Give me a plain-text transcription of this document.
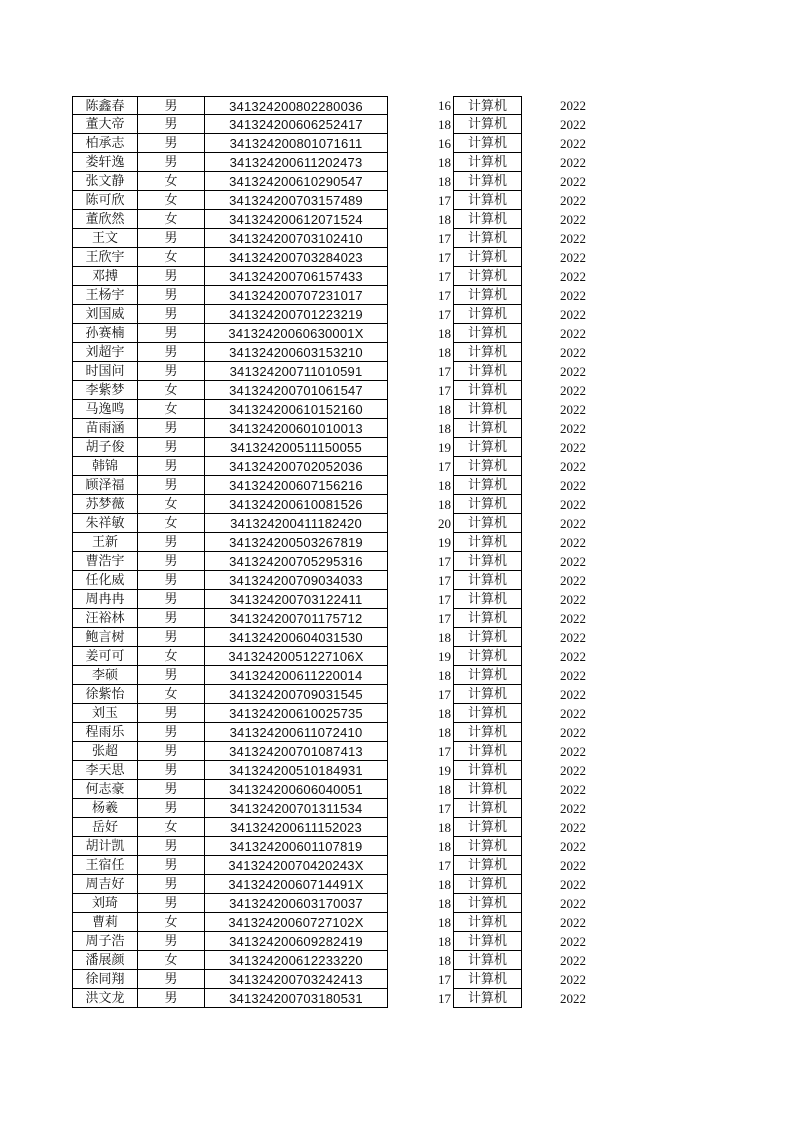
陈鑫春	男	341324200802280036	16	计算机	2022
董大帝	男	341324200606252417	18	计算机	2022
柏承志	男	341324200801071611	16	计算机	2022
娄轩逸	男	341324200611202473	18	计算机	2022
张文静	女	341324200610290547	18	计算机	2022
陈可欣	女	341324200703157489	17	计算机	2022
董欣然	女	341324200612071524	18	计算机	2022
王文	男	341324200703102410	17	计算机	2022
王欣宇	女	341324200703284023	17	计算机	2022
邓搏	男	341324200706157433	17	计算机	2022
王杨宇	男	341324200707231017	17	计算机	2022
刘国威	男	341324200701223219	17	计算机	2022
孙赛楠	男	34132420060630001X	18	计算机	2022
刘超宇	男	341324200603153210	18	计算机	2022
时国问	男	341324200711010591	17	计算机	2022
李紫梦	女	341324200701061547	17	计算机	2022
马逸鸣	女	341324200610152160	18	计算机	2022
苗雨涵	男	341324200601010013	18	计算机	2022
胡子俊	男	341324200511150055	19	计算机	2022
韩锦	男	341324200702052036	17	计算机	2022
顾泽福	男	341324200607156216	18	计算机	2022
苏梦薇	女	341324200610081526	18	计算机	2022
朱祥敏	女	341324200411182420	20	计算机	2022
王新	男	341324200503267819	19	计算机	2022
曹浩宇	男	341324200705295316	17	计算机	2022
任化威	男	341324200709034033	17	计算机	2022
周冉冉	男	341324200703122411	17	计算机	2022
汪裕林	男	341324200701175712	17	计算机	2022
鲍言树	男	341324200604031530	18	计算机	2022
姜可可	女	34132420051227106X	19	计算机	2022
李硕	男	341324200611220014	18	计算机	2022
徐紫怡	女	341324200709031545	17	计算机	2022
刘玉	男	341324200610025735	18	计算机	2022
程雨乐	男	341324200611072410	18	计算机	2022
张超	男	341324200701087413	17	计算机	2022
李天思	男	341324200510184931	19	计算机	2022
何志豪	男	341324200606040051	18	计算机	2022
杨羲	男	341324200701311534	17	计算机	2022
岳好	女	341324200611152023	18	计算机	2022
胡计凯	男	341324200601107819	18	计算机	2022
王宿任	男	34132420070420243X	17	计算机	2022
周吉好	男	34132420060714491X	18	计算机	2022
刘琦	男	341324200603170037	18	计算机	2022
曹莉	女	34132420060727102X	18	计算机	2022
周子浩	男	341324200609282419	18	计算机	2022
潘展颜	女	341324200612233220	18	计算机	2022
徐同翔	男	341324200703242413	17	计算机	2022
洪文龙	男	341324200703180531	17	计算机	2022
